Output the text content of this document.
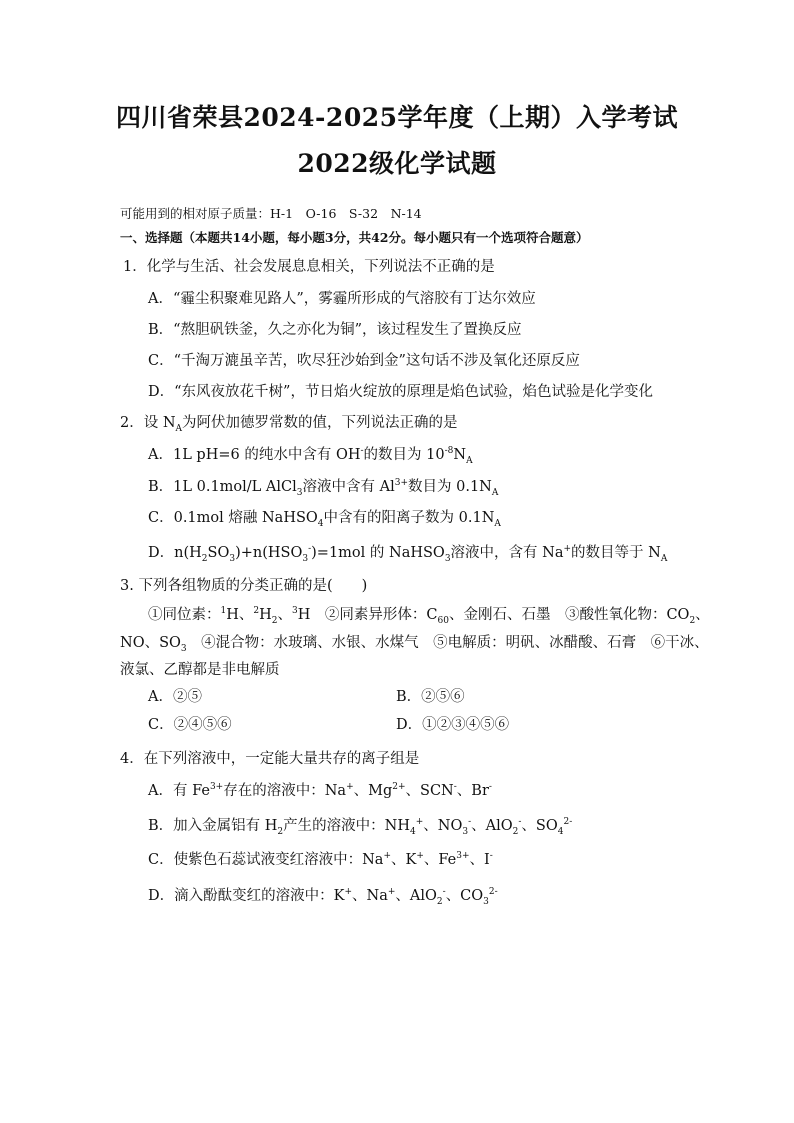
四川省荣县2024-2025学年度（上期）入学考试
2022级化学试题
可能用到的相对原子质量：H-1　O-16　S-32　N-14
一、选择题（本题共14小题，每小题3分，共42分。每小题只有一个选项符合题意）
1．化学与生活、社会发展息息相关，下列说法不正确的是
A．“霾尘积聚难见路人”，雾霾所形成的气溶胶有丁达尔效应
B．“熬胆矾铁釜，久之亦化为铜”，该过程发生了置换反应
C．“千淘万漉虽辛苦，吹尽狂沙始到金”这句话不涉及氧化还原反应
D．“东风夜放花千树”，节日焰火绽放的原理是焰色试验，焰色试验是化学变化
2．设 $N_A$为阿伏加德罗常数的值，下列说法正确的是
A．1L pH=6 的纯水中含有 OH-的数目为 $10^{-8}N_A$
B．1L 0.1mol/L AlCl$_3$溶液中含有 $Al^{3+}$数目为 $0.1N_A$
C．0.1mol 熔融 NaHSO$_4$中含有的阳离子数为 $0.1N_A$
D．$n(H_2SO_3)+n(HSO_3^-)=1mol$ 的 NaHSO$_3$溶液中，含有 Na+的数目等于 $N_A$
3. 下列各组物质的分类正确的是(　　)
①同位素：$^1$H、$^2H_2$、$^3$H　②同素异形体：$C_{60}$、金刚石、石墨　③酸性氧化物：$CO_2$、
NO、$SO_3$　④混合物：水玻璃、水银、水煤气　⑤电解质：明矾、冰醋酸、石膏　⑥干冰、
液氯、乙醇都是非电解质
A．②⑤	B．②⑤⑥
C．②④⑤⑥	D．①②③④⑤⑥
4．在下列溶液中，一定能大量共存的离子组是
A．有 $Fe^{3+}$存在的溶液中：Na+、$Mg^{2+}$、SCN-、Br-
B．加入金属铝有 $H_2$产生的溶液中：$NH_4^+$、$NO_3^-$、AlO$_2$-、$SO_4^{2-}$
C．使紫色石蕊试液变红溶液中：Na+、K+、$Fe^{3+}$、I-
D．滴入酚酞变红的溶液中：K+、Na+、AlO$_2$-、$CO_3^{2-}$
